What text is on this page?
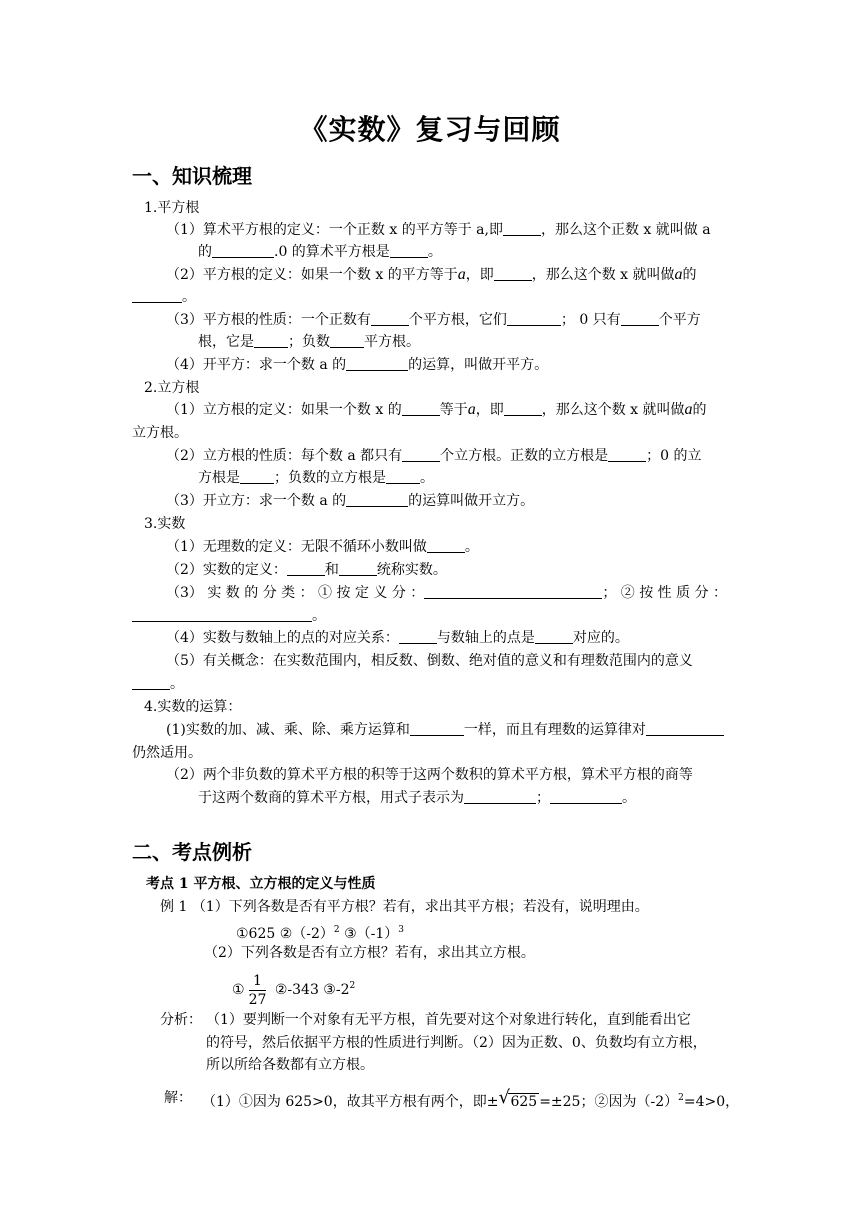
《实数》复习与回顾
一、知识梳理
1.平方根
（1）算术平方根的定义：一个正数 x 的平方等于 a,即	，那么这个正数 x 就叫做 a
的	.0 的算术平方根是	。
（2）平方根的定义：如果一个数 x 的平方等于a，即	，那么这个数 x 就叫做a的
。
（3）平方根的性质：一个正数有	个平方根，它们	； 0 只有	个平方
根，它是 ；负数 平方根。
（4）开平方：求一个数 a 的	的运算，叫做开平方。
2.立方根
（1）立方根的定义：如果一个数 x 的	等于a，即	，那么这个数 x 就叫做a的
立方根。
（2）立方根的性质：每个数 a 都只有	个立方根。正数的立方根是	；0 的立
方根是 ；负数的立方根是 。
（3）开立方：求一个数 a 的	的运算叫做开立方。
3.实数
（1）无理数的定义：无限不循环小数叫做	。
（2）实数的定义：	和	统称实数。
（3） 实 数 的 分 类 ： ① 按 定 义 分 ：	； ② 按 性 质 分 ：
。
（4）实数与数轴上的点的对应关系：	与数轴上的点是	对应的。
（5）有关概念：在实数范围内，相反数、倒数、绝对值的意义和有理数范围内的意义
。
4.实数的运算：
(1)实数的加、减、乘、除、乘方运算和	一样，而且有理数的运算律对
仍然适用。
（2）两个非负数的算术平方根的积等于这两个数积的算术平方根，算术平方根的商等
于这两个数商的算术平方根，用式子表示为	；	。
二、考点例析
考点 1 平方根、立方根的定义与性质
例 1 （1）下列各数是否有平方根？若有，求出其平方根；若没有，说明理由。
①625 $②(-2)^2$ $③(-1)^3$
（2）下列各数是否有立方根？若有，求出其立方根。
① $\frac{1}{27}$ ②-343 $③-2^2$
分析： （1）要判断一个对象有无平方根，首先要对这个对象进行转化，直到能看出它
的符号，然后依据平方根的性质进行判断。（2）因为正数、0、负数均有立方根，
所以所给各数都有立方根。
解： （1）①因为 625>0，故其平方根有两个，即± √ 625 =±25；②因为$(-2)^2=4>0$，
